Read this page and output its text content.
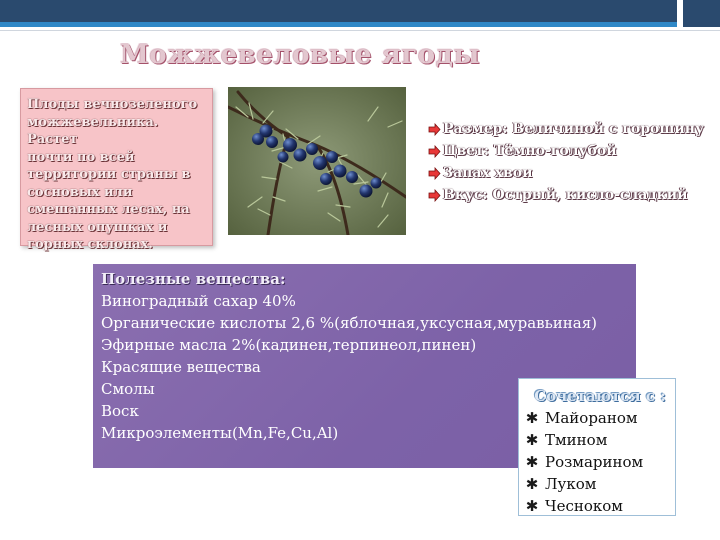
Можжевеловые ягоды

Плоды вечнозеленого

можжевельника. Растет

почти по всей

территории страны в

сосновых или

смешанных лесах, на

лесных опушках и

горных склонах.

Размер: Величиной с горошину
Цвет: Тёмно-голубой
Запах хвои
Вкус: Острый, кисло-сладкий
Полезные вещества:
Виноградный сахар 40%
Органические кислоты 2,6 %(яблочная,уксусная,муравьиная)
Эфирные масла 2%(кадинен,терпинеол,пинен)
Красящие вещества
Смолы
Воск
Микроэлементы(Mn,Fe,Cu,Al)
Сочетаются с :
✱ Майораном
✱ Тмином
✱ Розмарином
✱ Луком
✱ Чесноком
